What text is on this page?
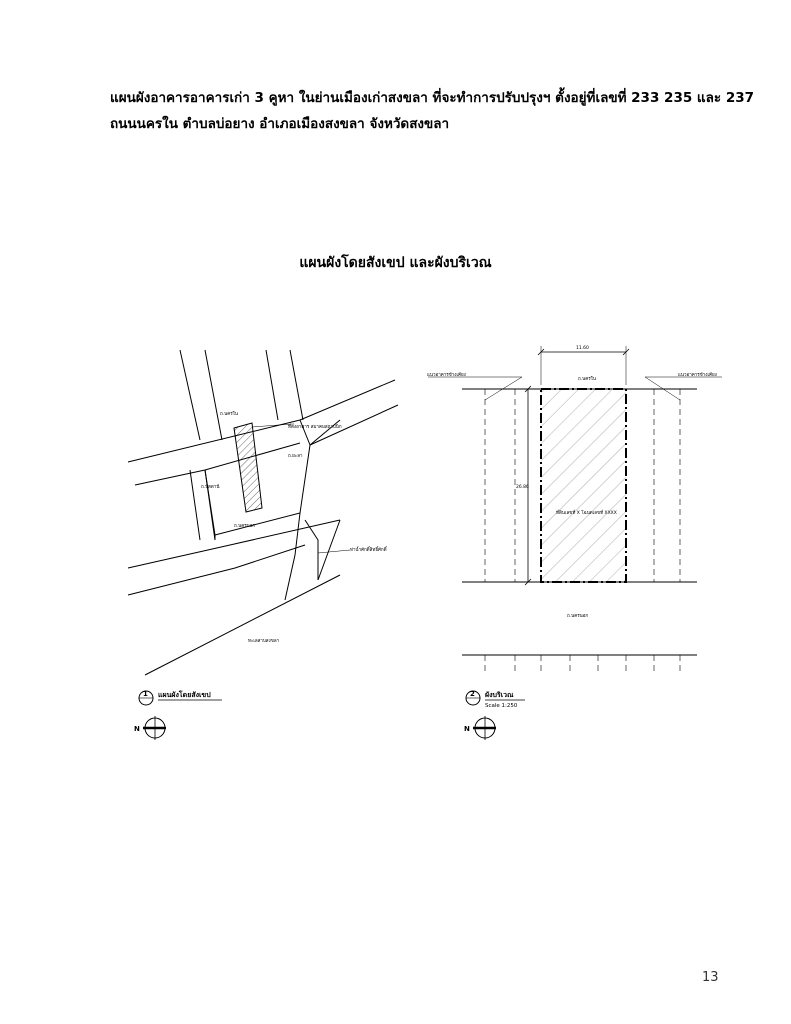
แผนผังอาคารอาคารเก่า 3 คูหา ในย่านเมืองเก่าสงขลา ที่จะทำการปรับปรุงฯ ตั้งอยู่ที่เลขที่ 233 235 และ 237
ถนนนครใน ตำบลบ่อยาง อำเภอเมืองสงขลา จังหวัดสงขลา
แผนผังโดยสังเขป และผังบริเวณ
ถ.นครใน
ที่ตั้งอาคาร สมาคมสถาปนิก
ถ.ยะลา
ถ.ปัตตานี
ถ.นครนอก
ท่าน้ำศักดิ์สิทธิ์ศักดิ์
ทะเลสาบสงขลา
1 แผนผังโดยสังเขป
N
11.60
แนวอาคารข้างเคียง	แนวอาคารข้างเคียง
ถ.นครใน
26.86
ที่ดินเลขที่ X โฉนดเลขที่ XXXX
ถ.นครนอก
2 ผังบริเวณ
Scale 1:250
N
13
